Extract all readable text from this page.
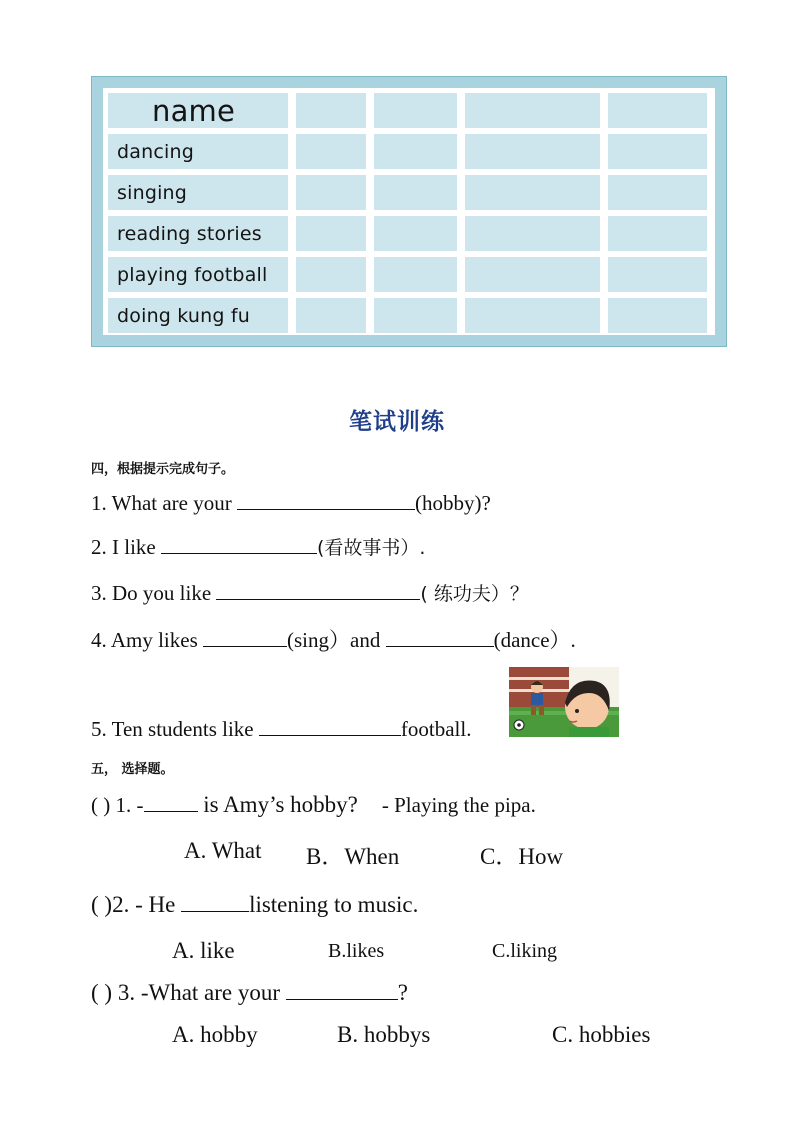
name
dancing
singing
reading stories
playing football
doing kung fu
笔试训练
四，根据提示完成句子。
1. What are your	(hobby)?
2. I like	(看故事书）.
3. Do you like	( 练功夫）？
4. Amy likes	(sing）and	(dance）.
5. Ten students like	football.
五， 选择题。
( ) 1. - is Amy’s hobby? - Playing the pipa.
A. What B．When	C．How
( )2. - He	listening to music.
A. like	B.likes	C.liking
( ) 3. -What are your	?
A. hobby	B. hobbys	C. hobbies
